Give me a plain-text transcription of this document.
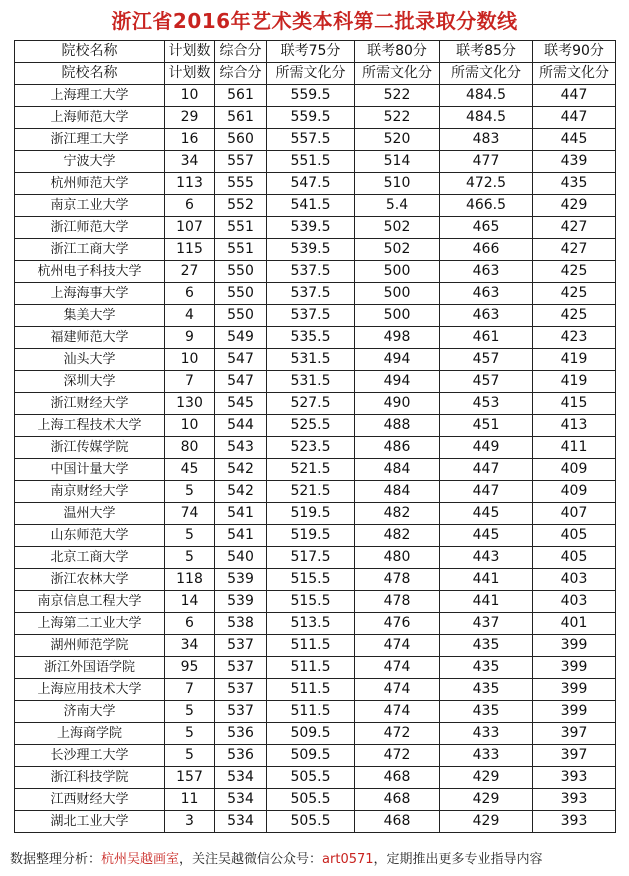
浙江省2016年艺术类本科第二批录取分数线
院校名称	计划数	综合分	联考75分	联考80分	联考85分	联考90分
院校名称	计划数	综合分	所需文化分	所需文化分	所需文化分	所需文化分
上海理工大学	10	561	559.5	522	484.5	447
上海师范大学	29	561	559.5	522	484.5	447
浙江理工大学	16	560	557.5	520	483	445
宁波大学	34	557	551.5	514	477	439
杭州师范大学	113	555	547.5	510	472.5	435
南京工业大学	6	552	541.5	5.4	466.5	429
浙江师范大学	107	551	539.5	502	465	427
浙江工商大学	115	551	539.5	502	466	427
杭州电子科技大学	27	550	537.5	500	463	425
上海海事大学	6	550	537.5	500	463	425
集美大学	4	550	537.5	500	463	425
福建师范大学	9	549	535.5	498	461	423
汕头大学	10	547	531.5	494	457	419
深圳大学	7	547	531.5	494	457	419
浙江财经大学	130	545	527.5	490	453	415
上海工程技术大学	10	544	525.5	488	451	413
浙江传媒学院	80	543	523.5	486	449	411
中国计量大学	45	542	521.5	484	447	409
南京财经大学	5	542	521.5	484	447	409
温州大学	74	541	519.5	482	445	407
山东师范大学	5	541	519.5	482	445	405
北京工商大学	5	540	517.5	480	443	405
浙江农林大学	118	539	515.5	478	441	403
南京信息工程大学	14	539	515.5	478	441	403
上海第二工业大学	6	538	513.5	476	437	401
湖州师范学院	34	537	511.5	474	435	399
浙江外国语学院	95	537	511.5	474	435	399
上海应用技术大学	7	537	511.5	474	435	399
济南大学	5	537	511.5	474	435	399
上海商学院	5	536	509.5	472	433	397
长沙理工大学	5	536	509.5	472	433	397
浙江科技学院	157	534	505.5	468	429	393
江西财经大学	11	534	505.5	468	429	393
湖北工业大学	3	534	505.5	468	429	393
数据整理分析：杭州吴越画室，关注吴越微信公众号：art0571，定期推出更多专业指导内容
